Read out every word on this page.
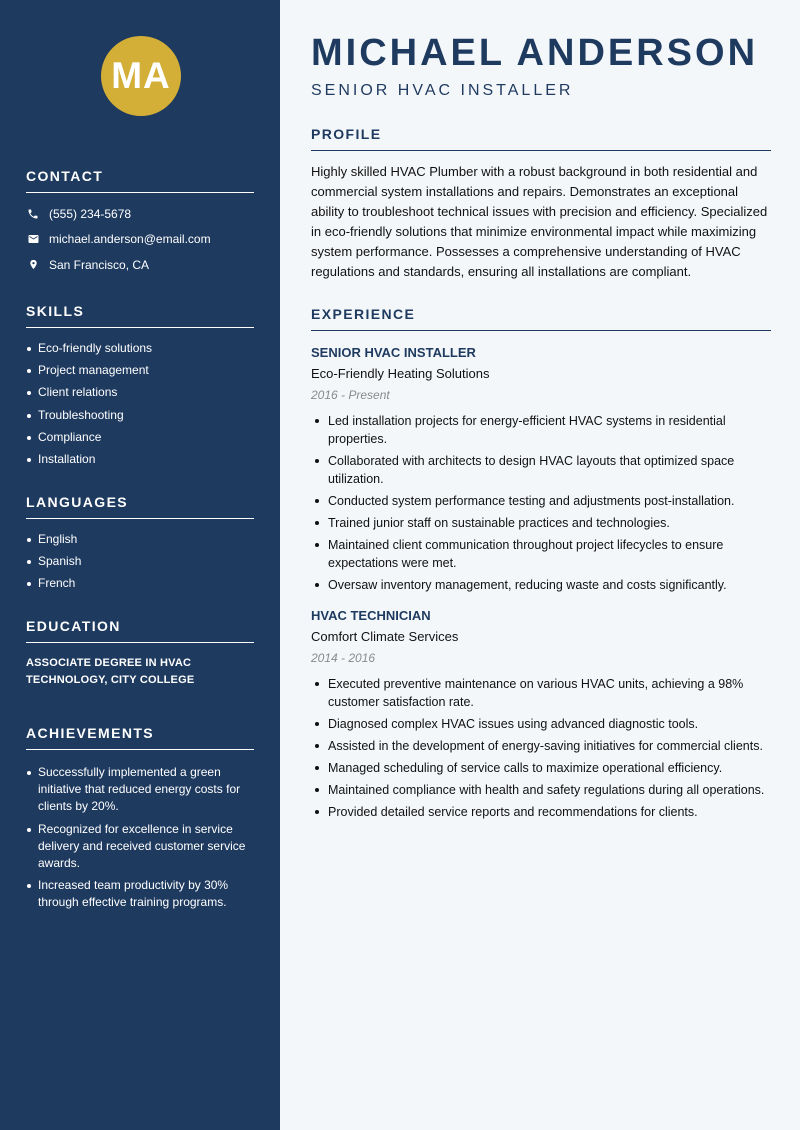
MA
CONTACT
(555) 234-5678
michael.anderson@email.com
San Francisco, CA
SKILLS
Eco-friendly solutions
Project management
Client relations
Troubleshooting
Compliance
Installation
LANGUAGES
English
Spanish
French
EDUCATION
ASSOCIATE DEGREE IN HVAC
TECHNOLOGY, CITY COLLEGE
ACHIEVEMENTS
Successfully implemented a green initiative that reduced energy costs for clients by 20%.
Recognized for excellence in service delivery and received customer service awards.
Increased team productivity by 30% through effective training programs.
MICHAEL ANDERSON
SENIOR HVAC INSTALLER
PROFILE
Highly skilled HVAC Plumber with a robust background in both residential and commercial system installations and repairs. Demonstrates an exceptional ability to troubleshoot technical issues with precision and efficiency. Specialized in eco-friendly solutions that minimize environmental impact while maximizing system performance. Possesses a comprehensive understanding of HVAC regulations and standards, ensuring all installations are compliant.
EXPERIENCE
SENIOR HVAC INSTALLER
Eco-Friendly Heating Solutions
2016 - Present
Led installation projects for energy-efficient HVAC systems in residential properties.
Collaborated with architects to design HVAC layouts that optimized space utilization.
Conducted system performance testing and adjustments post-installation.
Trained junior staff on sustainable practices and technologies.
Maintained client communication throughout project lifecycles to ensure expectations were met.
Oversaw inventory management, reducing waste and costs significantly.
HVAC TECHNICIAN
Comfort Climate Services
2014 - 2016
Executed preventive maintenance on various HVAC units, achieving a 98% customer satisfaction rate.
Diagnosed complex HVAC issues using advanced diagnostic tools.
Assisted in the development of energy-saving initiatives for commercial clients.
Managed scheduling of service calls to maximize operational efficiency.
Maintained compliance with health and safety regulations during all operations.
Provided detailed service reports and recommendations for clients.
